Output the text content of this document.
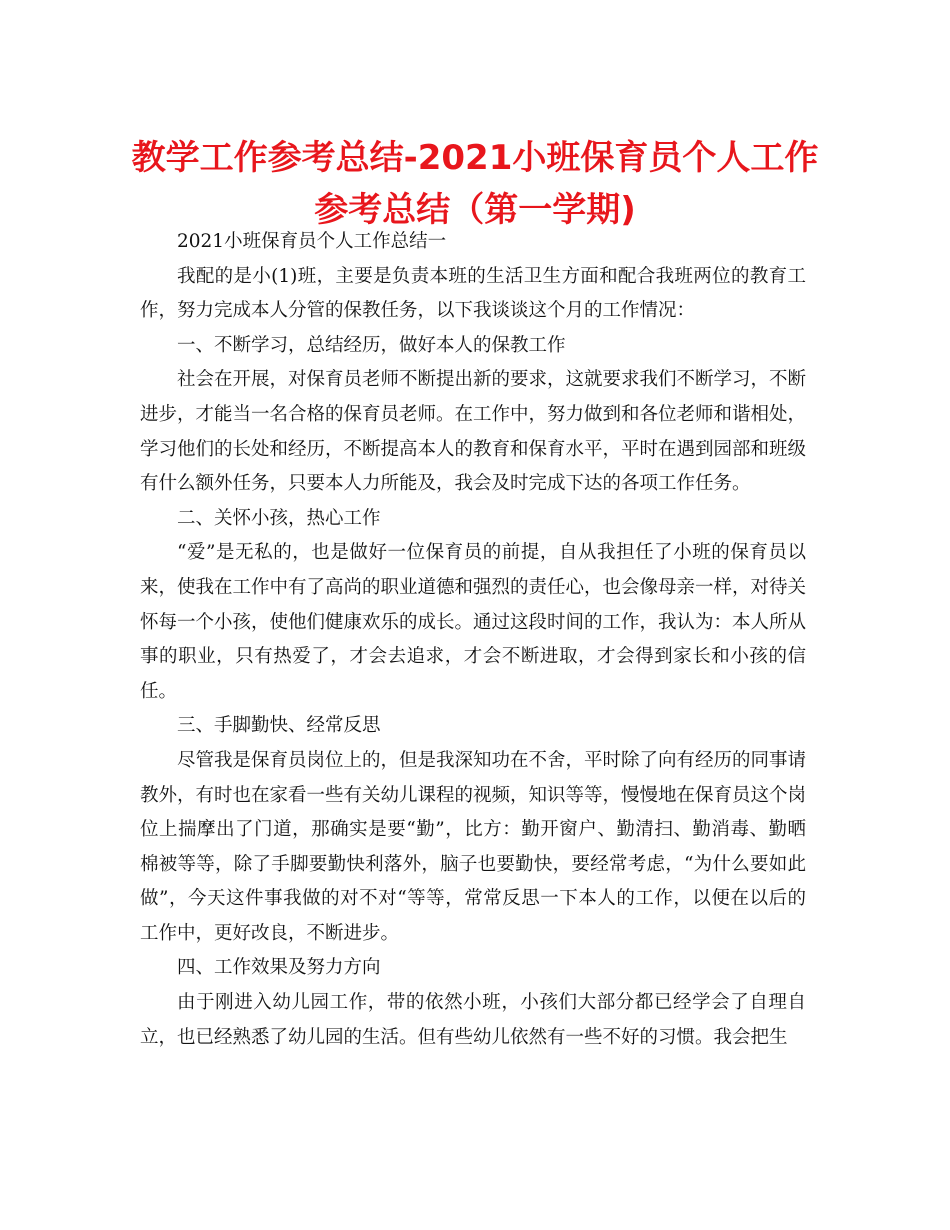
教学工作参考总结-2021小班保育员个人工作参考总结（第一学期)

2021小班保育员个人工作总结一

我配的是小(1)班，主要是负责本班的生活卫生方面和配合我班两位的教育工作，努力完成本人分管的保教任务，以下我谈谈这个月的工作情况：

一、不断学习，总结经历，做好本人的保教工作

社会在开展，对保育员老师不断提出新的要求，这就要求我们不断学习，不断进步，才能当一名合格的保育员老师。在工作中，努力做到和各位老师和谐相处，学习他们的长处和经历，不断提高本人的教育和保育水平，平时在遇到园部和班级有什么额外任务，只要本人力所能及，我会及时完成下达的各项工作任务。

二、关怀小孩，热心工作

“爱”是无私的，也是做好一位保育员的前提，自从我担任了小班的保育员以来，使我在工作中有了高尚的职业道德和强烈的责任心，也会像母亲一样，对待关怀每一个小孩，使他们健康欢乐的成长。通过这段时间的工作，我认为：本人所从事的职业，只有热爱了，才会去追求，才会不断进取，才会得到家长和小孩的信任。

三、手脚勤快、经常反思

尽管我是保育员岗位上的，但是我深知功在不舍，平时除了向有经历的同事请教外，有时也在家看一些有关幼儿课程的视频，知识等等，慢慢地在保育员这个岗位上揣摩出了门道，那确实是要“勤”，比方：勤开窗户、勤清扫、勤消毒、勤晒棉被等等，除了手脚要勤快利落外，脑子也要勤快，要经常考虑，“为什么要如此做”，今天这件事我做的对不对“等等，常常反思一下本人的工作，以便在以后的工作中，更好改良，不断进步。

四、工作效果及努力方向

由于刚进入幼儿园工作，带的依然小班，小孩们大部分都已经学会了自理自立，也已经熟悉了幼儿园的生活。但有些幼儿依然有一些不好的习惯。我会把生
